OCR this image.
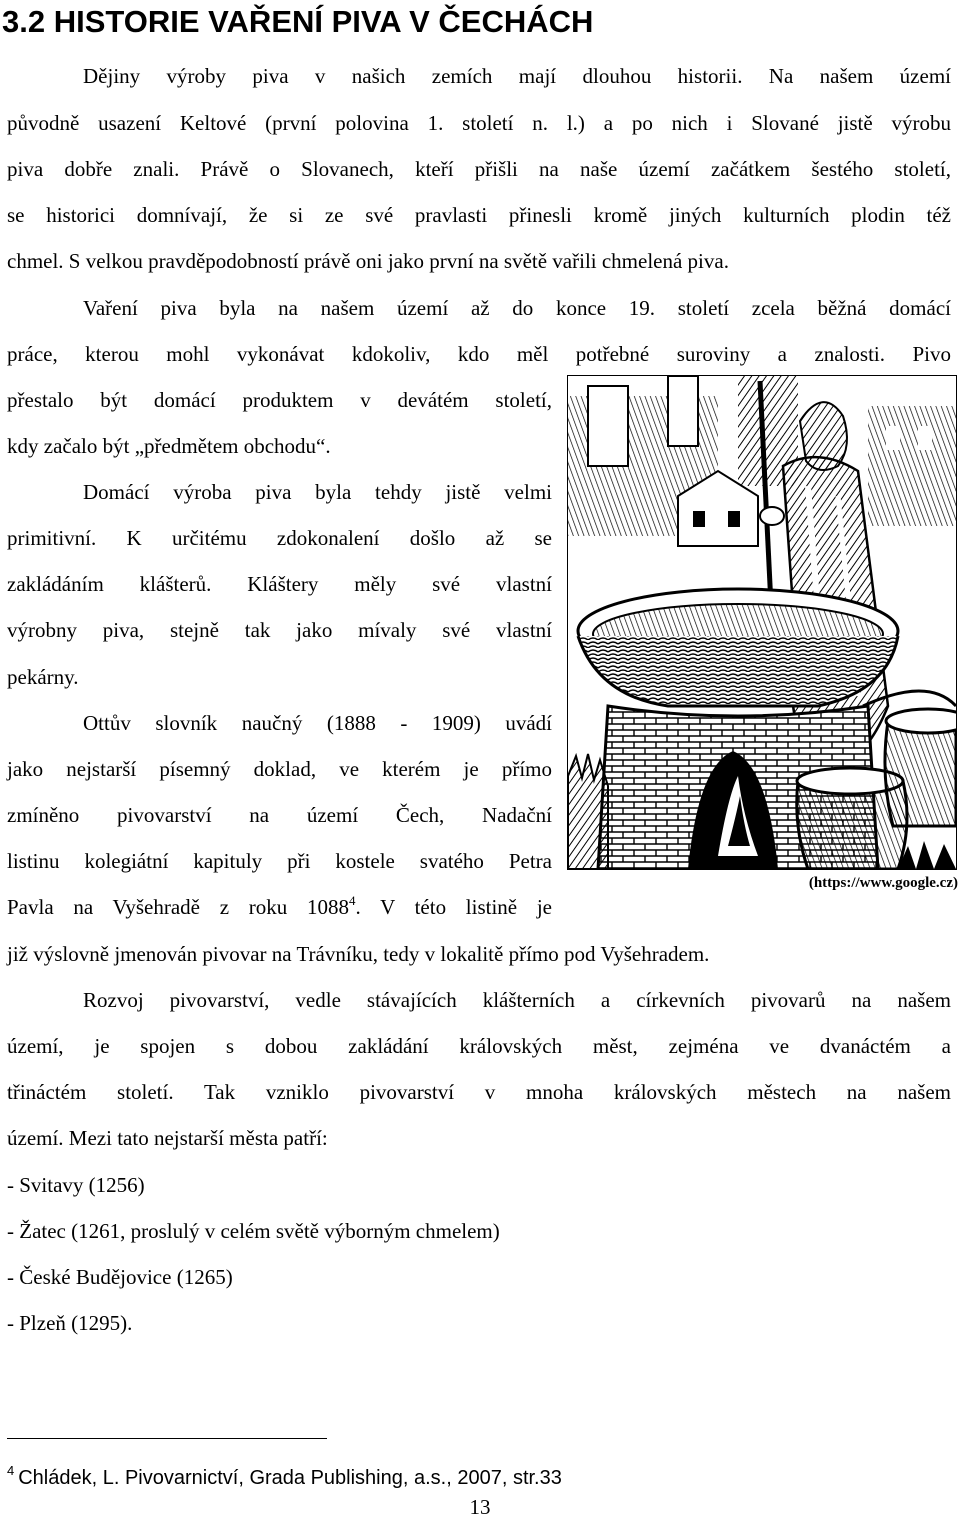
3.2 HISTORIE VAŘENÍ PIVA V ČECHÁCH

Dějiny výroby piva v našich zemích mají dlouhou historii. Na našem území

původně usazení Keltové (první polovina 1. století n. l.) a po nich i Slované jistě výrobu

piva dobře znali. Právě o Slovanech, kteří přišli na naše území začátkem šestého století,

se historici domnívají, že si ze své pravlasti přinesli kromě jiných kulturních plodin též

chmel. S velkou pravděpodobností právě oni jako první na světě vařili chmelená piva.

Vaření piva byla na našem území až do konce 19. století zcela běžná domácí

práce, kterou mohl vykonávat kdokoliv, kdo měl potřebné suroviny a znalosti. Pivo

přestalo být domácí produktem v devátém století,

kdy začalo být „předmětem obchodu“.

Domácí výroba piva byla tehdy jistě velmi

primitivní. K určitému zdokonalení došlo až se

zakládáním klášterů. Kláštery měly své vlastní

výrobny piva, stejně tak jako mívaly své vlastní

pekárny.

Ottův slovník naučný (1888 - 1909) uvádí

jako nejstarší písemný doklad, ve kterém je přímo

zmíněno pivovarství na území Čech, Nadační

listinu kolegiátní kapituly při kostele svatého Petra

Pavla na Vyšehradě z roku 1088$^4$. V této listině je

již výslovně jmenován pivovar na Trávníku, tedy v lokalitě přímo pod Vyšehradem.

Rozvoj pivovarství, vedle stávajících klášterních a církevních pivovarů na našem

území, je spojen s dobou zakládání královských měst, zejména ve dvanáctém a

třináctém století. Tak vzniklo pivovarství v mnoha královských městech na našem

území. Mezi tato nejstarší města patří:

- Svitavy (1256)

- Žatec (1261, proslulý v celém světě výborným chmelem)

- České Budějovice (1265)

- Plzeň (1295).

(https://www.google.cz)
$^4$ Chládek, L. Pivovarnictví, Grada Publishing, a.s., 2007, str.33
13
